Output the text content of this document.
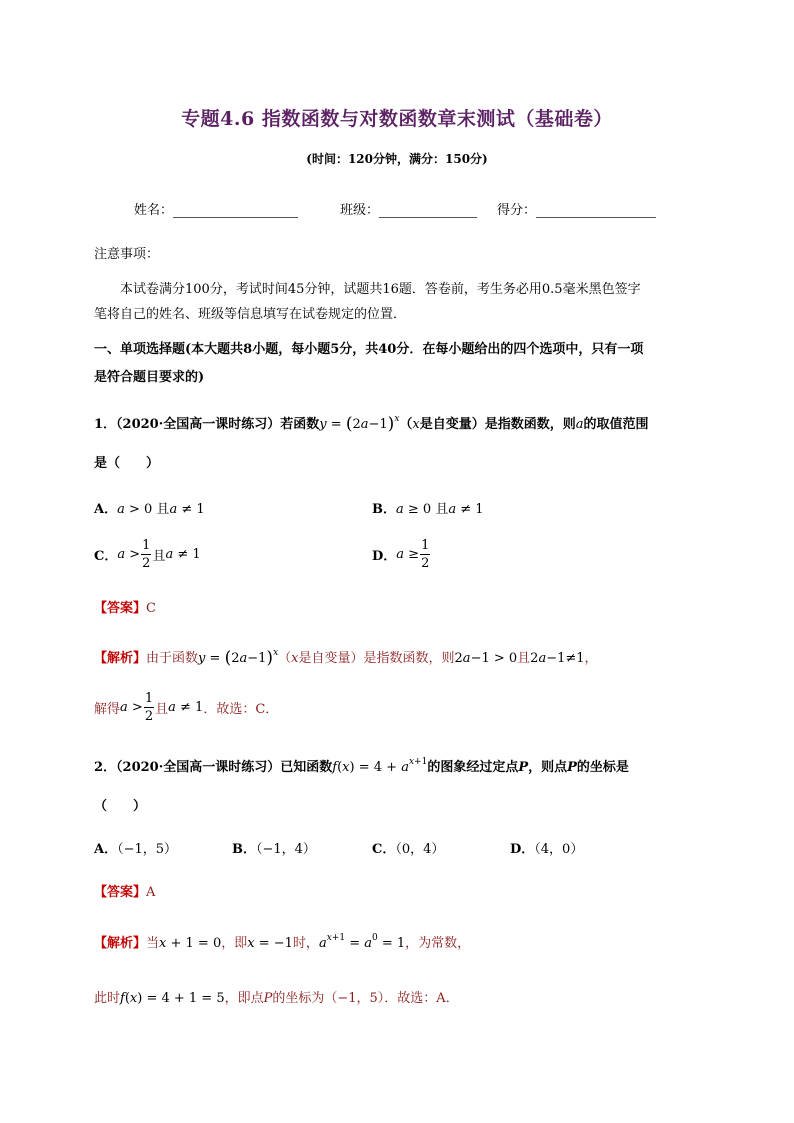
专题4.6 指数函数与对数函数章末测试（基础卷）
(时间：120分钟，满分：150分)
姓名：	班级：	得分：
注意事项：
本试卷满分100分，考试时间45分钟，试题共16题．答卷前，考生务必用0.5毫米黑色签字
笔将自己的姓名、班级等信息填写在试卷规定的位置．
一、单项选择题(本大题共8小题，每小题5分，共40分．在每小题给出的四个选项中，只有一项
是符合题目要求的)
1．（2020·全国高一课时练习）若函数$y = (2a-1)^x(x$是自变量）是指数函数，则a的取值范围
是（　　）
A．a > 0 且a ≠ 1	B．a ≥ 0 且a ≠ 1
C．$a > \frac{1}{2}$ 且a ≠ 1	D．$a \ge \frac{1}{2}$
【答案】C
【解析】由于函数$y = (2a-1)^x(x$是自变量）是指数函数，则2a−1 > 0且2a−1≠1，
解得$a > \frac{1}{2}$ 且a ≠ 1．故选：C．
2．（2020·全国高一课时练习）已知函数$f(x) = 4 + a^{x+1}$的图象经过定点P，则点P的坐标是
（　　）
A．（−1，5）	B．（−1，4）	C．（0，4）	D．（4，0）
【答案】A
【解析】当x + 1 = 0，即x = −1时，$a^{x+1} = a^0 = 1$，为常数，
此时f(x) = 4 + 1 = 5，即点P的坐标为（−1，5）．故选：A．
